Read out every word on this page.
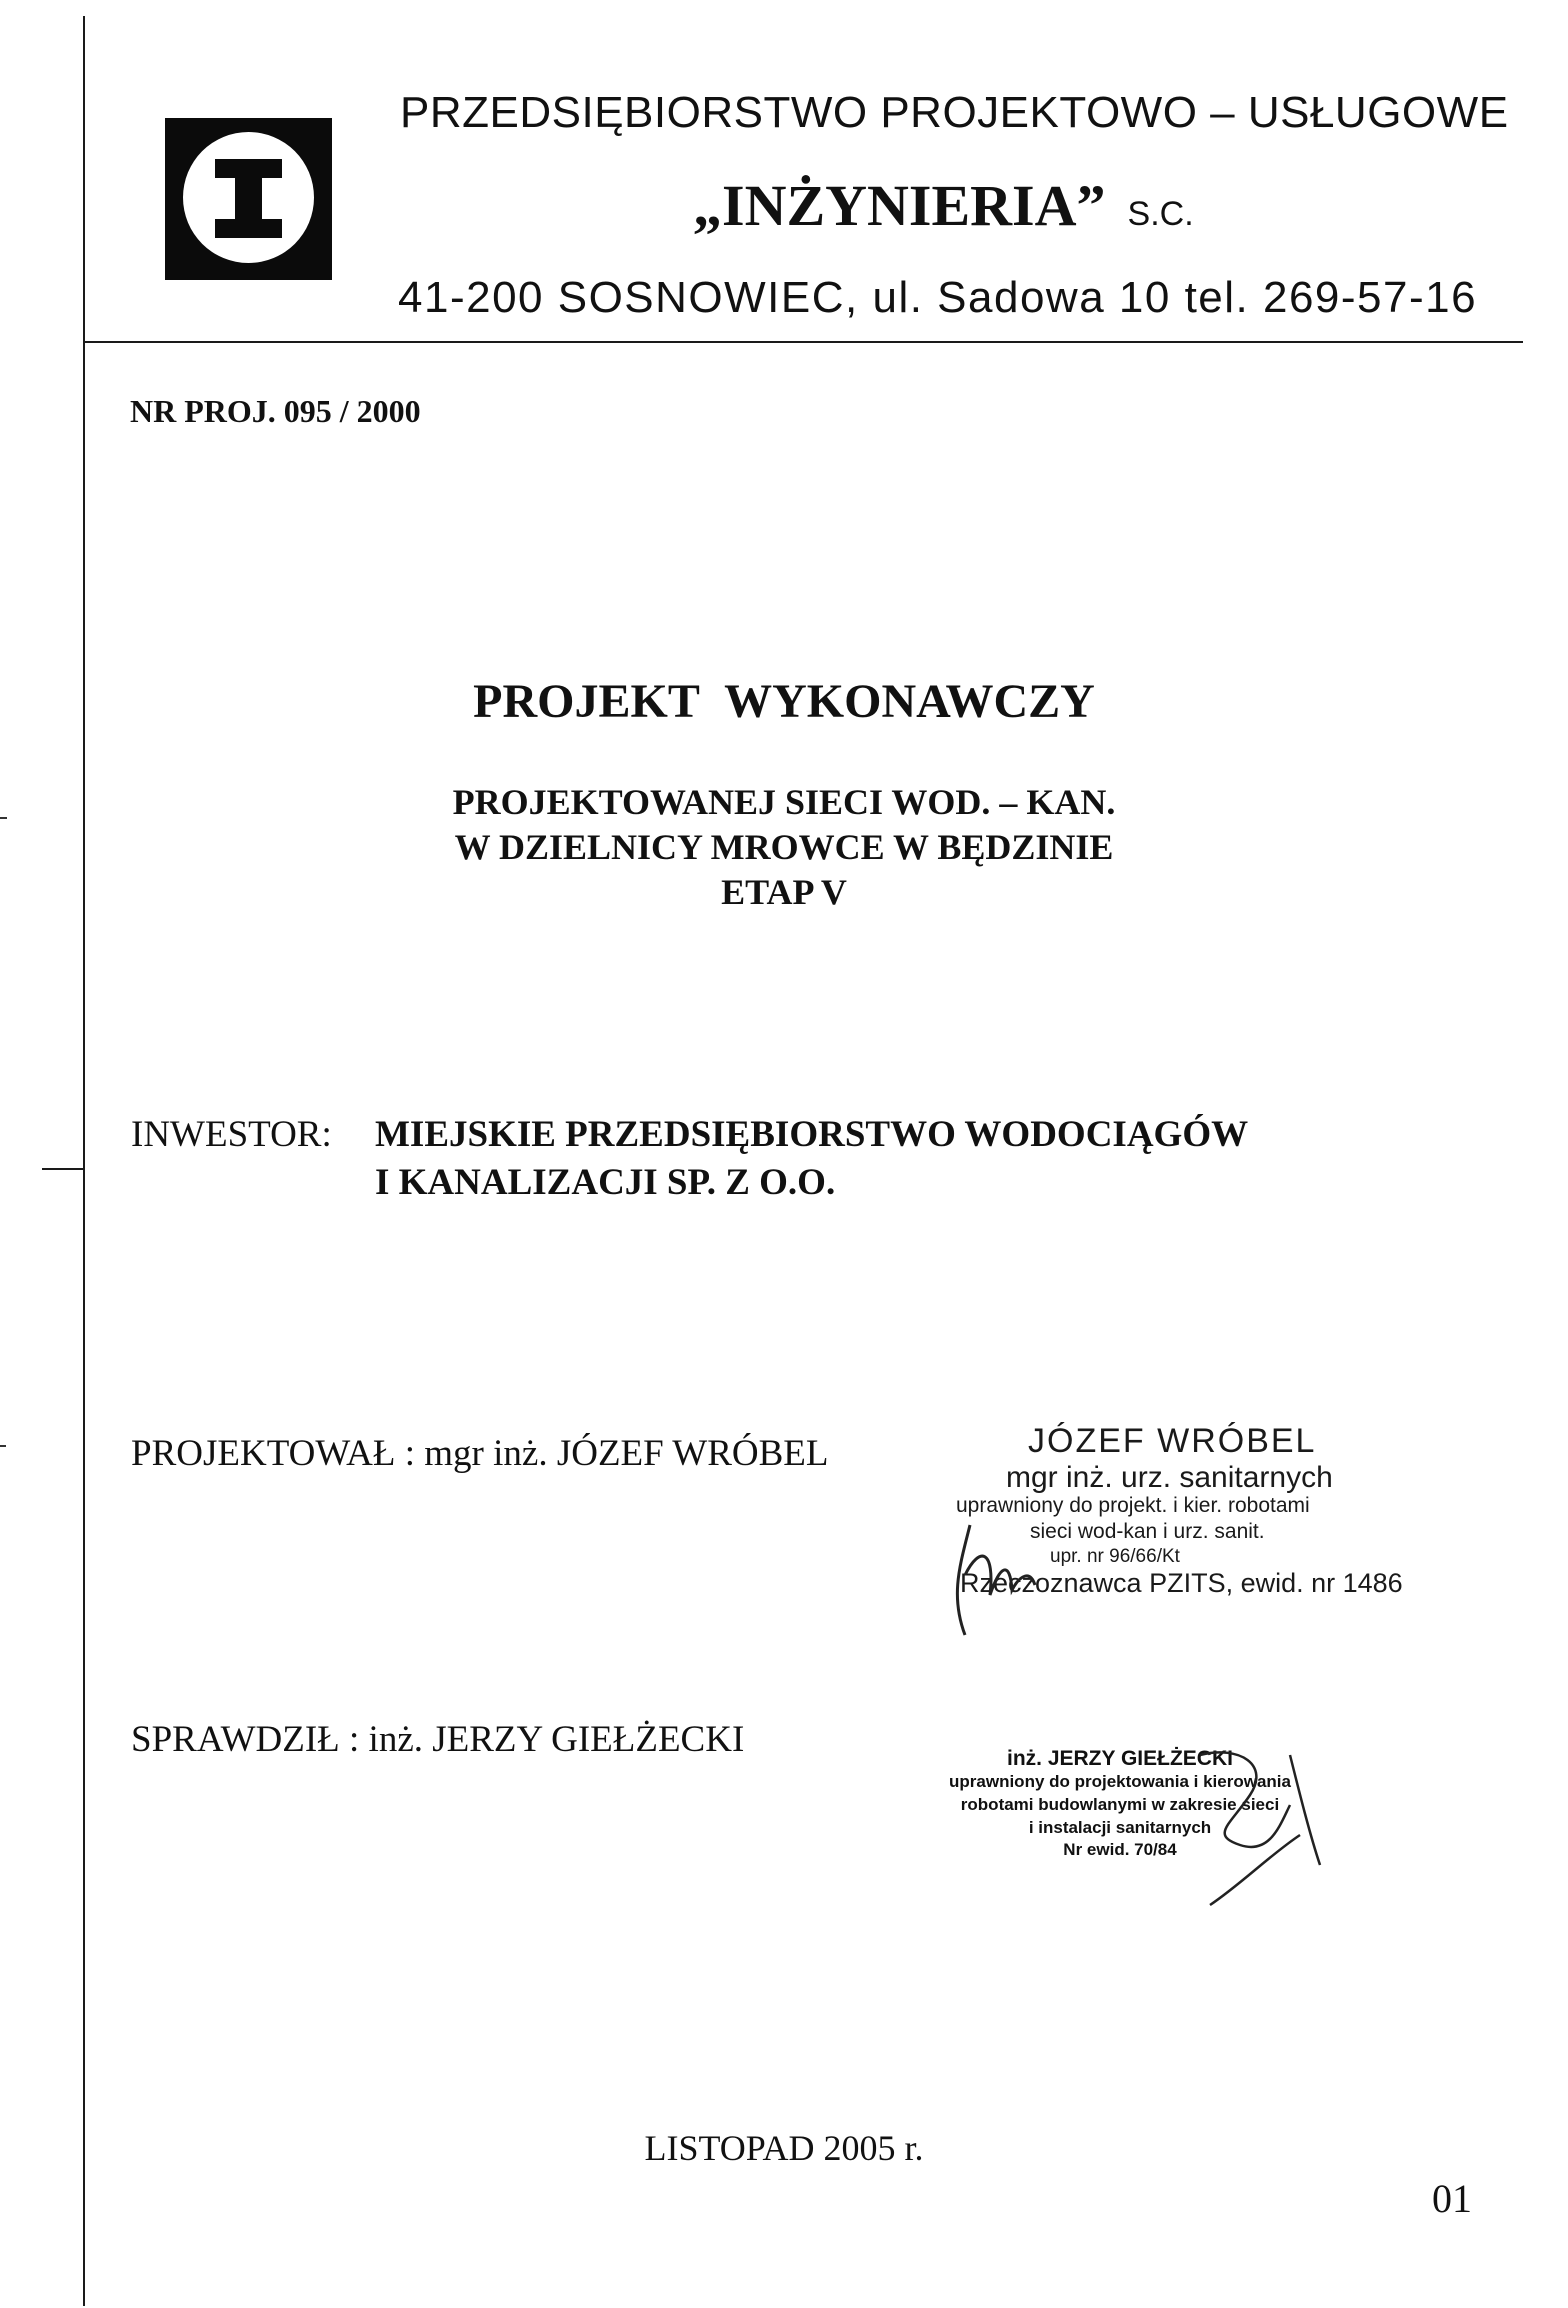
PRZEDSIĘBIORSTWO PROJEKTOWO – USŁUGOWE
„INŻYNIERIA” S.C.
41-200 SOSNOWIEC, ul. Sadowa 10 tel. 269-57-16
NR PROJ. 095 / 2000
PROJEKT WYKONAWCZY
PROJEKTOWANEJ SIECI WOD. – KAN.
W DZIELNICY MROWCE W BĘDZINIE
ETAP V
INWESTOR: MIEJSKIE PRZEDSIĘBIORSTWO WODOCIĄGÓW
I KANALIZACJI SP. Z O.O.
PROJEKTOWAŁ : mgr inż. JÓZEF WRÓBEL
SPRAWDZIŁ : inż. JERZY GIEŁŻECKI
JÓZEF WRÓBEL
mgr inż. urz. sanitarnych
uprawniony do projekt. i kier. robotami
sieci wod-kan i urz. sanit.
upr. nr 96/66/Kt
Rzeczoznawca PZITS, ewid. nr 1486
inż. JERZY GIEŁŻECKI
uprawniony do projektowania i kierowania
robotami budowlanymi w zakresie sieci
i instalacji sanitarnych
Nr ewid. 70/84
LISTOPAD 2005 r.
01
